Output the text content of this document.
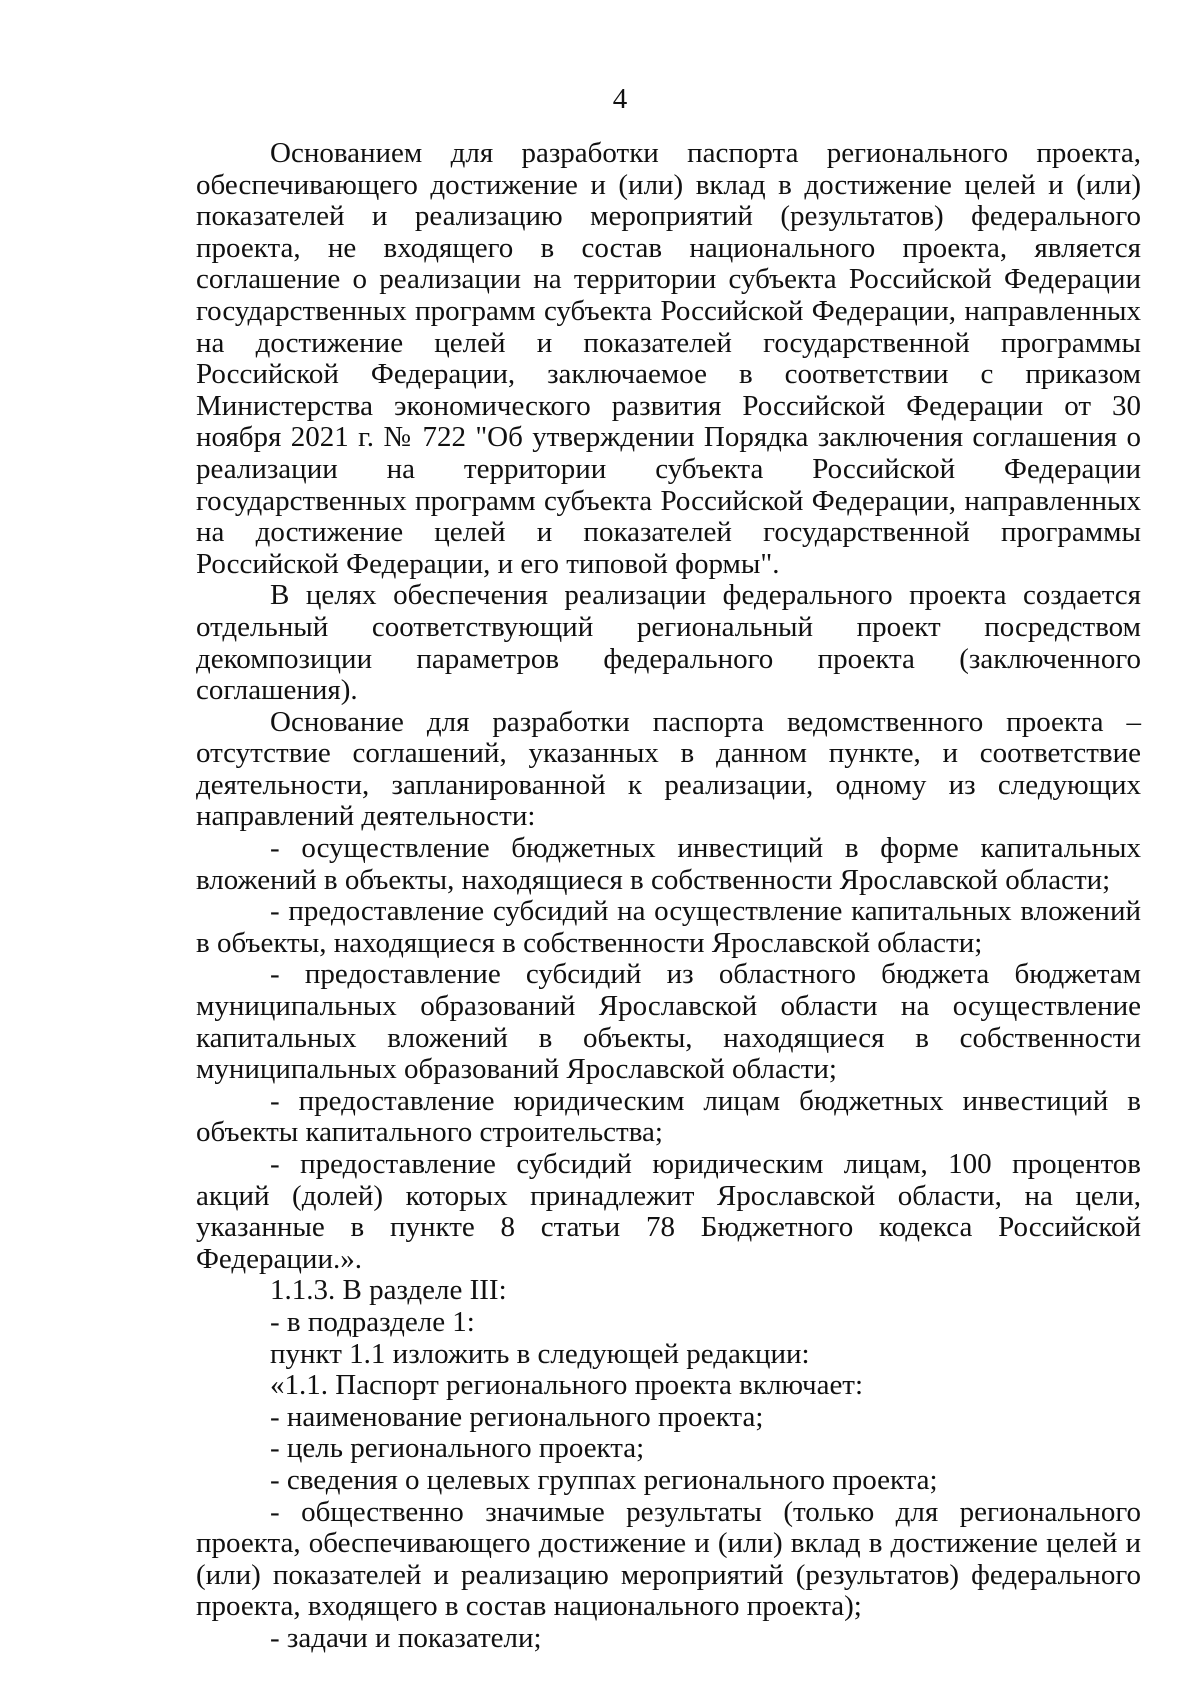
4

Основанием для разработки паспорта регионального проекта, обеспечивающего достижение и (или) вклад в достижение целей и (или) показателей и реализацию мероприятий (результатов) федерального проекта, не входящего в состав национального проекта, является соглашение о реализации на территории субъекта Российской Федерации государственных программ субъекта Российской Федерации, направленных на достижение целей и показателей государственной программы Российской Федерации, заключаемое в соответствии с приказом Министерства экономического развития Российской Федерации от 30 ноября 2021 г. № 722 "Об утверждении Порядка заключения соглашения о реализации на территории субъекта Российской Федерации государственных программ субъекта Российской Федерации, направленных на достижение целей и показателей государственной программы Российской Федерации, и его типовой формы".

В целях обеспечения реализации федерального проекта создается отдельный соответствующий региональный проект посредством декомпозиции параметров федерального проекта (заключенного соглашения).

Основание для разработки паспорта ведомственного проекта – отсутствие соглашений, указанных в данном пункте, и соответствие деятельности, запланированной к реализации, одному из следующих направлений деятельности:

- осуществление бюджетных инвестиций в форме капитальных вложений в объекты, находящиеся в собственности Ярославской области;

- предоставление субсидий на осуществление капитальных вложений в объекты, находящиеся в собственности Ярославской области;

- предоставление субсидий из областного бюджета бюджетам муниципальных образований Ярославской области на осуществление капитальных вложений в объекты, находящиеся в собственности муниципальных образований Ярославской области;

- предоставление юридическим лицам бюджетных инвестиций в объекты капитального строительства;

- предоставление субсидий юридическим лицам, 100 процентов акций (долей) которых принадлежит Ярославской области, на цели, указанные в пункте 8 статьи 78 Бюджетного кодекса Российской Федерации.».

1.1.3. В разделе III:

- в подразделе 1:

пункт 1.1 изложить в следующей редакции:

«1.1. Паспорт регионального проекта включает:

- наименование регионального проекта;

- цель регионального проекта;

- сведения о целевых группах регионального проекта;

- общественно значимые результаты (только для регионального проекта, обеспечивающего достижение и (или) вклад в достижение целей и (или) показателей и реализацию мероприятий (результатов) федерального проекта, входящего в состав национального проекта);

- задачи и показатели;
